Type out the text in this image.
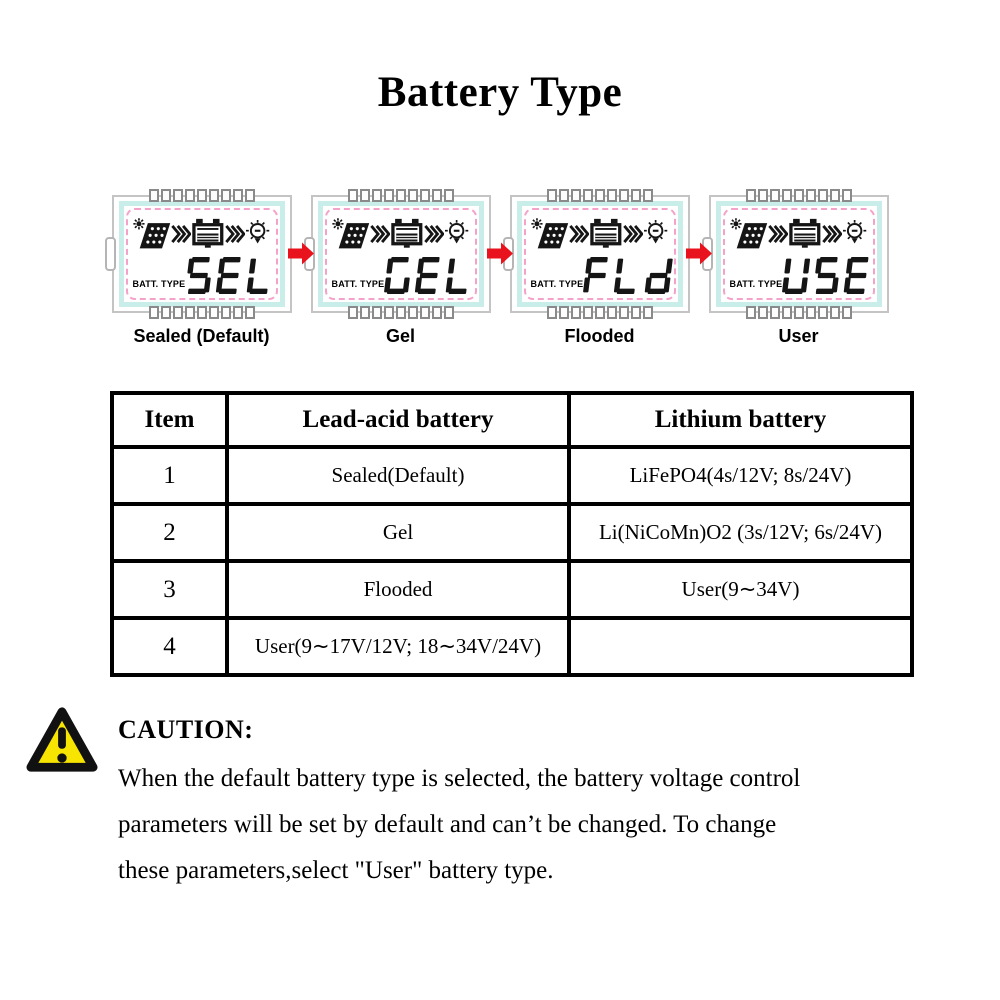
Battery Type
BATT. TYPE
Sealed (Default)
BATT. TYPE
Gel
BATT. TYPE
Flooded
BATT. TYPE
User
Item	Lead-acid battery	Lithium battery
1	Sealed(Default)	LiFePO4(4s/12V; 8s/24V)
2	Gel	Li(NiCoMn)O2 (3s/12V; 6s/24V)
3	Flooded	User(9∼34V)
4	User(9∼17V/12V; 18∼34V/24V)	
CAUTION:
When the default battery type is selected, the battery voltage control
parameters will be set by default and can’t be changed. To change
these parameters,select "User" battery type.
